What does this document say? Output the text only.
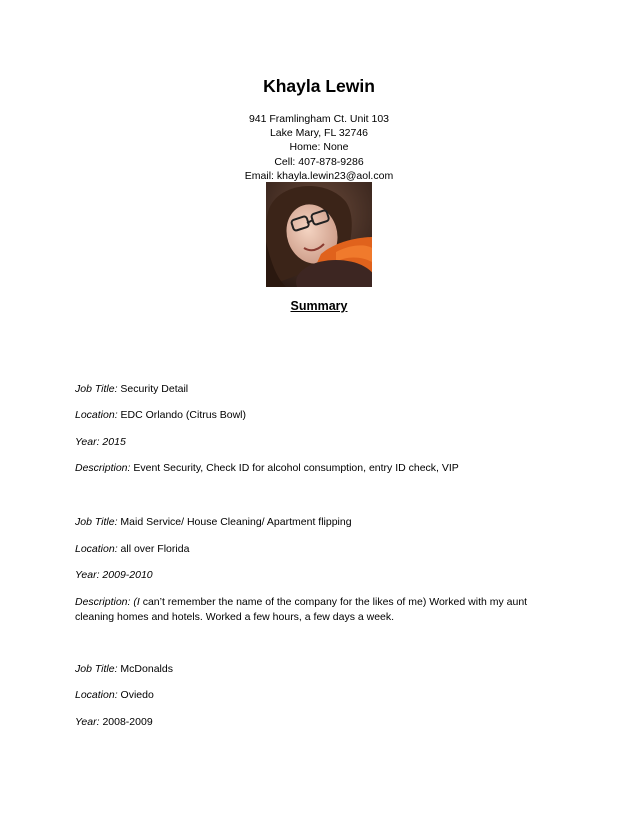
Khayla Lewin
941 Framlingham Ct. Unit 103
Lake Mary, FL 32746
Home: None
Cell: 407-878-9286
Email: khayla.lewin23@aol.com
Summary
Job Title: Security Detail
Location: EDC Orlando (Citrus Bowl)
Year: 2015
Description: Event Security, Check ID for alcohol consumption, entry ID check, VIP
Job Title: Maid Service/ House Cleaning/ Apartment flipping
Location: all over Florida
Year: 2009-2010
Description: (I can’t remember the name of the company for the likes of me) Worked with my aunt cleaning homes and hotels. Worked a few hours, a few days a week.
Job Title: McDonalds
Location: Oviedo
Year: 2008-2009
